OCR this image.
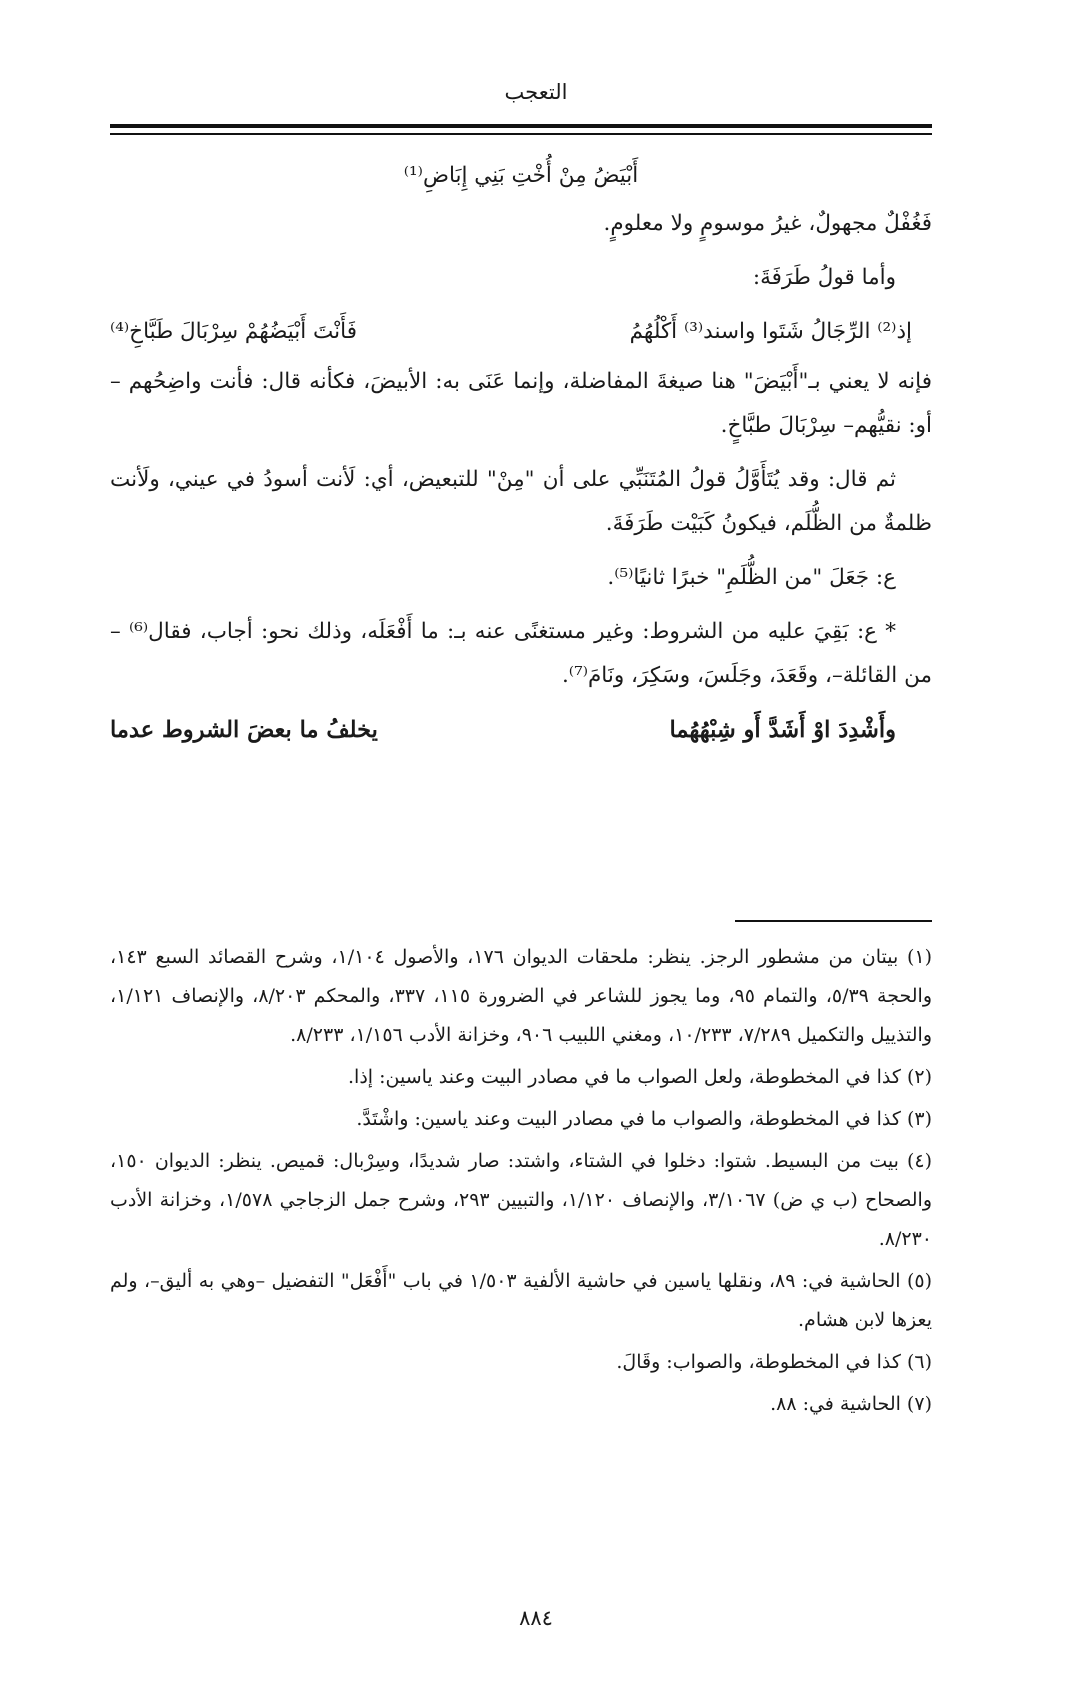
التعجب
أَبْيَضُ مِنْ أُخْتِ بَنِي إِبَاضِ⁽¹⁾

فَغُفْلٌ مجهولٌ، غيرُ موسومٍ ولا معلومٍ.

وأما قولُ طَرَفَةَ:

إذ⁽²⁾ الرِّجَالُ شَتَوا واسند⁽³⁾ أَكْلُهُمُ
فَأَنْتَ أَبْيَضُهُمْ سِرْبَالَ طَبَّاخِ⁽⁴⁾

فإنه لا يعني بـ"أَبْيَضَ" هنا صيغةَ المفاضلة، وإنما عَنَى به: الأبيضَ، فكأنه قال: فأنت واضِحُهم –أو: نقيُّهم– سِرْبَالَ طبَّاخٍ.

ثم قال: وقد يُتَأَوَّلُ قولُ المُتَنَبِّي على أن "مِنْ" للتبعيض، أي: لَأنت أسودُ في عيني، ولَأنت ظلمةٌ من الظُّلَم، فيكونُ كَبَيْت طَرَفَةَ.

ع: جَعَلَ "من الظُّلَمِ" خبرًا ثانيًا⁽⁵⁾.

* ع: بَقِيَ عليه من الشروط: وغير مستغنًى عنه بـ: ما أَفْعَلَه، وذلك نحو: أجاب، فقال⁽⁶⁾ –من القائلة–، وقَعَدَ، وجَلَسَ، وسَكِرَ، ونَامَ⁽⁷⁾.

وأَشْدِدَ اوْ أَشَدَّ أَو شِبْهُهُما
يخلفُ ما بعضَ الشروط عدما

(١) بيتان من مشطور الرجز. ينظر: ملحقات الديوان ١٧٦، والأصول ١/١٠٤، وشرح القصائد السبع ١٤٣، والحجة ٥/٣٩، والتمام ٩٥، وما يجوز للشاعر في الضرورة ١١٥، ٣٣٧، والمحكم ٨/٢٠٣، والإنصاف ١/١٢١، والتذييل والتكميل ٧/٢٨٩، ١٠/٢٣٣، ومغني اللبيب ٩٠٦، وخزانة الأدب ١/١٥٦، ٨/٢٣٣.

(٢) كذا في المخطوطة، ولعل الصواب ما في مصادر البيت وعند ياسين: إذا.

(٣) كذا في المخطوطة، والصواب ما في مصادر البيت وعند ياسين: واشْتَدَّ.

(٤) بيت من البسيط. شتوا: دخلوا في الشتاء، واشتد: صار شديدًا، وسِرْبال: قميص. ينظر: الديوان ١٥٠، والصحاح (ب ي ض) ٣/١٠٦٧، والإنصاف ١/١٢٠، والتبيين ٢٩٣، وشرح جمل الزجاجي ١/٥٧٨، وخزانة الأدب ٨/٢٣٠.

(٥) الحاشية في: ٨٩، ونقلها ياسين في حاشية الألفية ١/٥٠٣ في باب "أَفْعَل" التفضيل –وهي به أليق–، ولم يعزها لابن هشام.

(٦) كذا في المخطوطة، والصواب: وقَالَ.

(٧) الحاشية في: ٨٨.

٨٨٤
